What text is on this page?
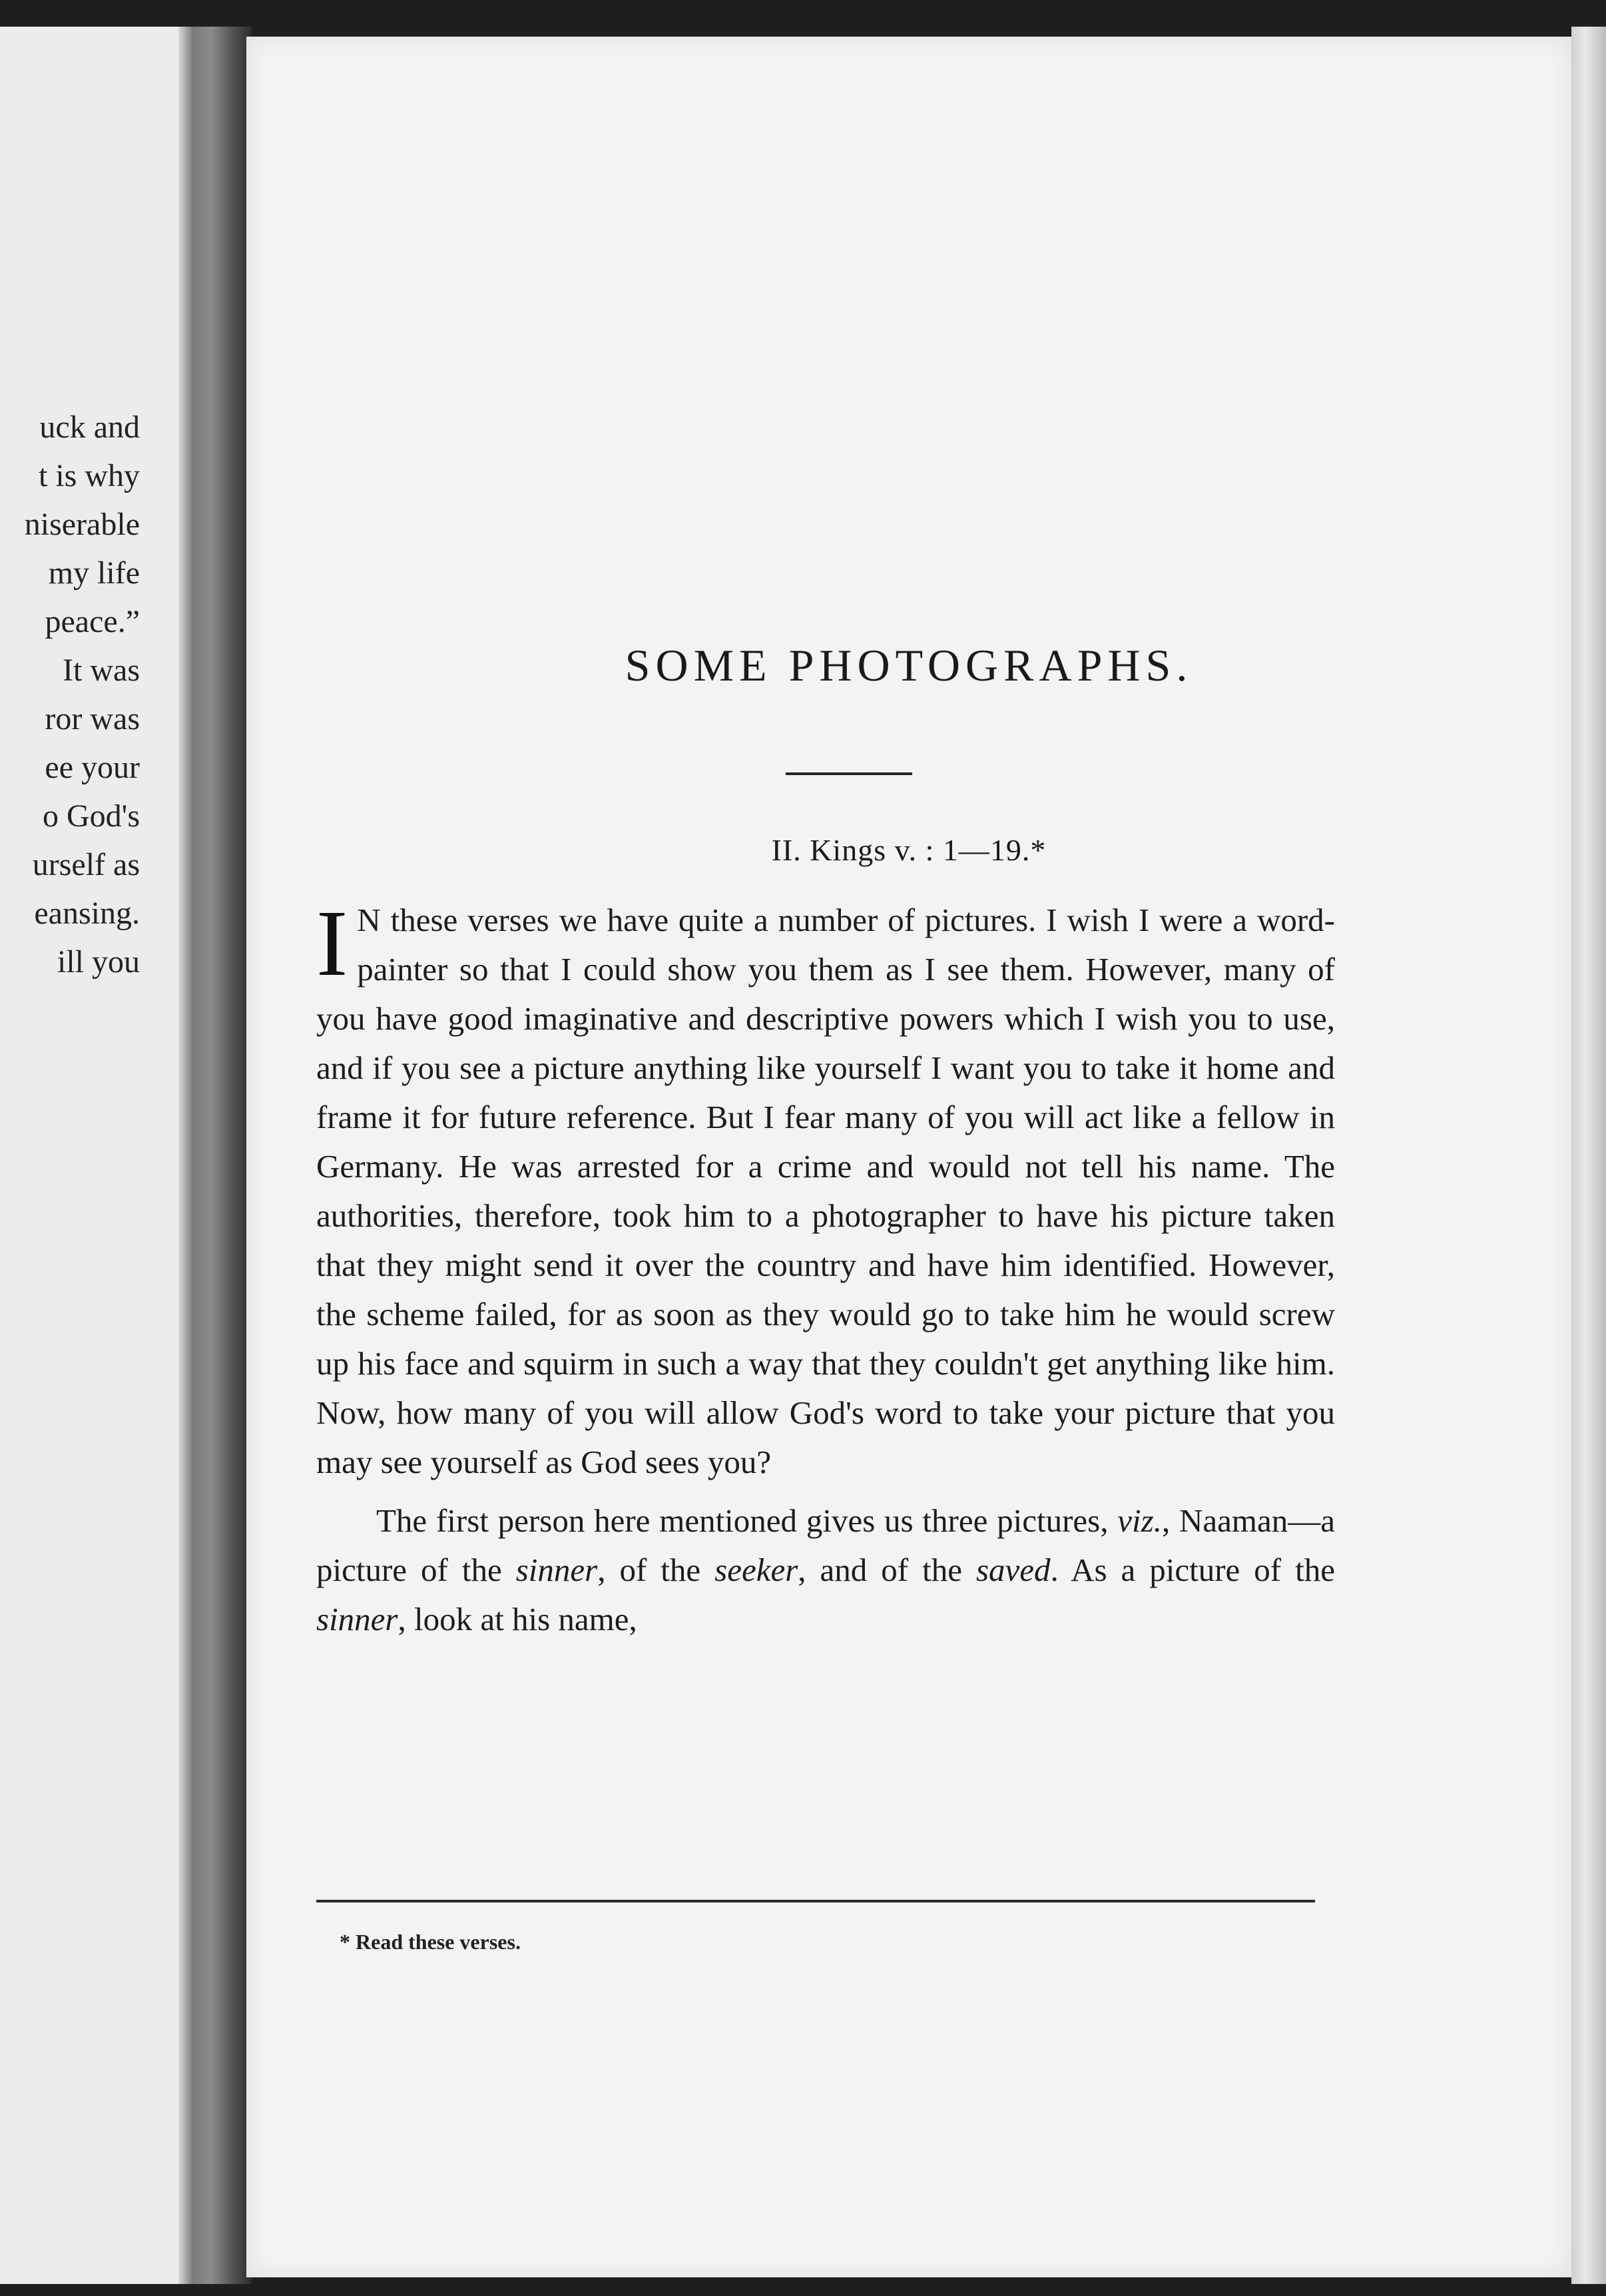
uck and
t is why
niserable
my life
peace.”
It was
ror was
ee your
o God's
urself as
eansing.
ill you
SOME PHOTOGRAPHS.
II. Kings v. : 1—19.*

I N these verses we have quite a number of pictures. I wish I were a word-painter so that I could show you them as I see them. However, many of you have good imaginative and descriptive powers which I wish you to use, and if you see a picture anything like yourself I want you to take it home and frame it for future reference. But I fear many of you will act like a fellow in Germany. He was arrested for a crime and would not tell his name. The authorities, therefore, took him to a photographer to have his picture taken that they might send it over the country and have him identified. However, the scheme failed, for as soon as they would go to take him he would screw up his face and squirm in such a way that they couldn't get anything like him. Now, how many of you will allow God's word to take your picture that you may see yourself as God sees you?

The first person here mentioned gives us three pictures, viz., Naaman—a picture of the sinner, of the seeker, and of the saved. As a picture of the sinner, look at his name,

* Read these verses.
